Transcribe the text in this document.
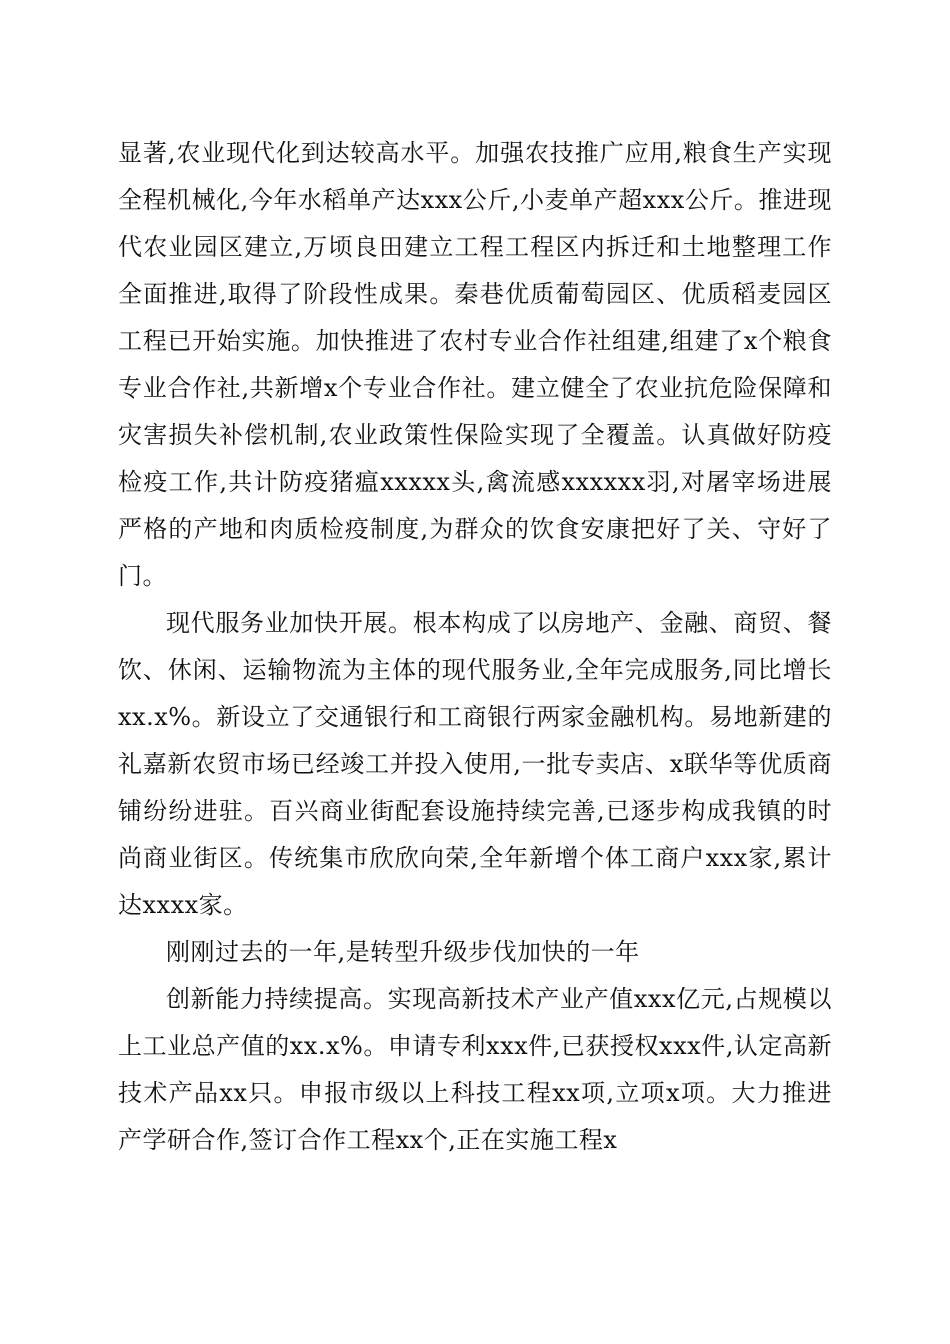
显著,农业现代化到达较高水平。加强农技推广应用,粮食生产实现全程机械化,今年水稻单产达xxx公斤,小麦单产超xxx公斤。推进现代农业园区建立,万顷良田建立工程工程区内拆迁和土地整理工作全面推进,取得了阶段性成果。秦巷优质葡萄园区、优质稻麦园区工程已开始实施。加快推进了农村专业合作社组建,组建了x个粮食专业合作社,共新增x个专业合作社。建立健全了农业抗危险保障和灾害损失补偿机制,农业政策性保险实现了全覆盖。认真做好防疫检疫工作,共计防疫猪瘟xxxxx头,禽流感xxxxxx羽,对屠宰场进展严格的产地和肉质检疫制度,为群众的饮食安康把好了关、守好了门。

现代服务业加快开展。根本构成了以房地产、金融、商贸、餐饮、休闲、运输物流为主体的现代服务业,全年完成服务,同比增长xx.x%。新设立了交通银行和工商银行两家金融机构。易地新建的礼嘉新农贸市场已经竣工并投入使用,一批专卖店、x联华等优质商铺纷纷进驻。百兴商业街配套设施持续完善,已逐步构成我镇的时尚商业街区。传统集市欣欣向荣,全年新增个体工商户xxx家,累计达xxxx家。

刚刚过去的一年,是转型升级步伐加快的一年

创新能力持续提高。实现高新技术产业产值xxx亿元,占规模以上工业总产值的xx.x%。申请专利xxx件,已获授权xxx件,认定高新技术产品xx只。申报市级以上科技工程xx项,立项x项。大力推进产学研合作,签订合作工程xx个,正在实施工程x
